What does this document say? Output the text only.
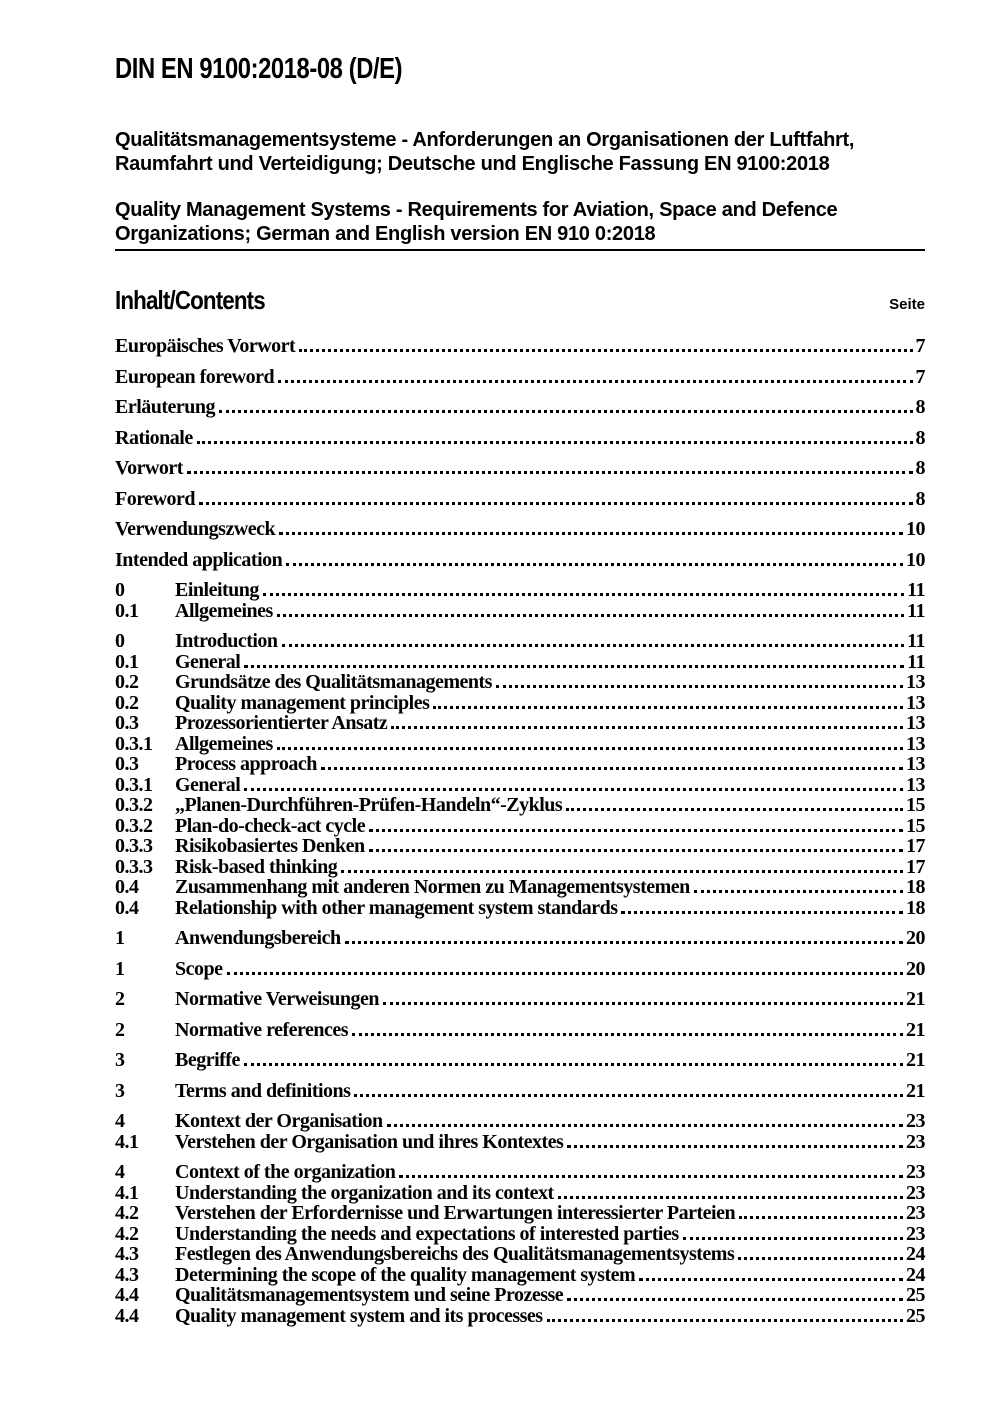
DIN EN 9100:2018-08 (D/E)
Qualitätsmanagementsysteme - Anforderungen an Organisationen der Luftfahrt,
Raumfahrt und Verteidigung; Deutsche und Englische Fassung EN 9100:2018
Quality Management Systems - Requirements for Aviation, Space and Defence
Organizations; German and English version EN 910 0:2018
Inhalt/Contents	Seite
Europäisches Vorwort	7
European foreword	7
Erläuterung	8
Rationale	8
Vorwort	8
Foreword	8
Verwendungszweck	10
Intended application	10
0	Einleitung	11
0.1	Allgemeines	11
0	Introduction	11
0.1	General	11
0.2	Grundsätze des Qualitätsmanagements	13
0.2	Quality management principles	13
0.3	Prozessorientierter Ansatz	13
0.3.1	Allgemeines	13
0.3	Process approach	13
0.3.1	General	13
0.3.2	„Planen-Durchführen-Prüfen-Handeln“-Zyklus	15
0.3.2	Plan-do-check-act cycle	15
0.3.3	Risikobasiertes Denken	17
0.3.3	Risk-based thinking	17
0.4	Zusammenhang mit anderen Normen zu Managementsystemen	18
0.4	Relationship with other management system standards	18
1	Anwendungsbereich	20
1	Scope	20
2	Normative Verweisungen	21
2	Normative references	21
3	Begriffe	21
3	Terms and definitions	21
4	Kontext der Organisation	23
4.1	Verstehen der Organisation und ihres Kontextes	23
4	Context of the organization	23
4.1	Understanding the organization and its context	23
4.2	Verstehen der Erfordernisse und Erwartungen interessierter Parteien	23
4.2	Understanding the needs and expectations of interested parties	23
4.3	Festlegen des Anwendungsbereichs des Qualitätsmanagementsystems	24
4.3	Determining the scope of the quality management system	24
4.4	Qualitätsmanagementsystem und seine Prozesse	25
4.4	Quality management system and its processes	25
